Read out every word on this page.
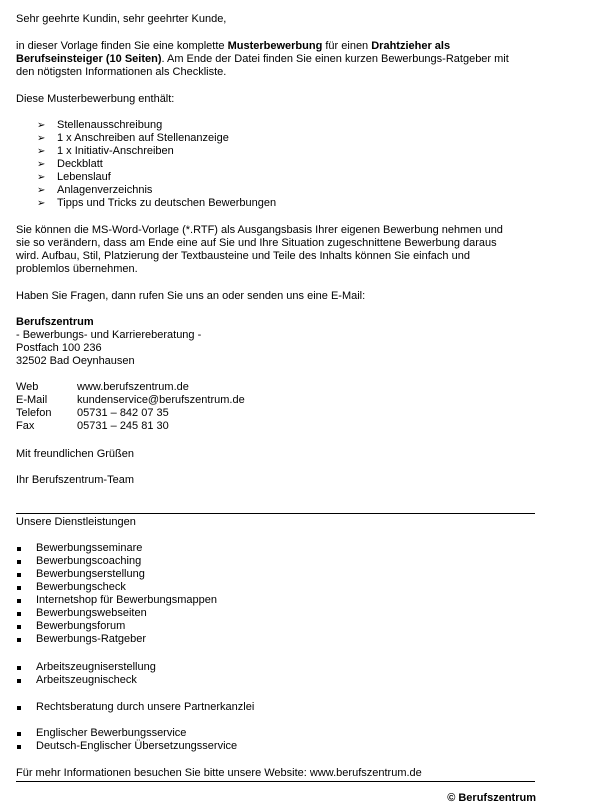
Sehr geehrte Kundin, sehr geehrter Kunde,

in dieser Vorlage finden Sie eine komplette Musterbewerbung für einen Drahtzieher als

Berufseinsteiger (10 Seiten). Am Ende der Datei finden Sie einen kurzen Bewerbungs-Ratgeber mit

den nötigsten Informationen als Checkliste.

Diese Musterbewerbung enthält:

➢ Stellenausschreibung
➢ 1 x Anschreiben auf Stellenanzeige
➢ 1 x Initiativ-Anschreiben
➢ Deckblatt
➢ Lebenslauf
➢ Anlagenverzeichnis
➢ Tipps und Tricks zu deutschen Bewerbungen

Sie können die MS-Word-Vorlage (*.RTF) als Ausgangsbasis Ihrer eigenen Bewerbung nehmen und

sie so verändern, dass am Ende eine auf Sie und Ihre Situation zugeschnittene Bewerbung daraus

wird. Aufbau, Stil, Platzierung der Textbausteine und Teile des Inhalts können Sie einfach und

problemlos übernehmen.

Haben Sie Fragen, dann rufen Sie uns an oder senden uns eine E-Mail:

Berufszentrum

- Bewerbungs- und Karriereberatung -

Postfach 100 236

32502 Bad Oeynhausen

Web	www.berufszentrum.de
E-Mail	kundenservice@berufszentrum.de
Telefon 05731 – 842 07 35
Fax	05731 – 245 81 30

Mit freundlichen Grüßen

Ihr Berufszentrum-Team

Unsere Dienstleistungen

Bewerbungsseminare
Bewerbungscoaching
Bewerbungserstellung
Bewerbungscheck
Internetshop für Bewerbungsmappen
Bewerbungswebseiten
Bewerbungsforum
Bewerbungs-Ratgeber
Arbeitszeugniserstellung
Arbeitszeugnischeck
Rechtsberatung durch unsere Partnerkanzlei
Englischer Bewerbungsservice
Deutsch-Englischer Übersetzungsservice

Für mehr Informationen besuchen Sie bitte unsere Website: www.berufszentrum.de

© Berufszentrum
